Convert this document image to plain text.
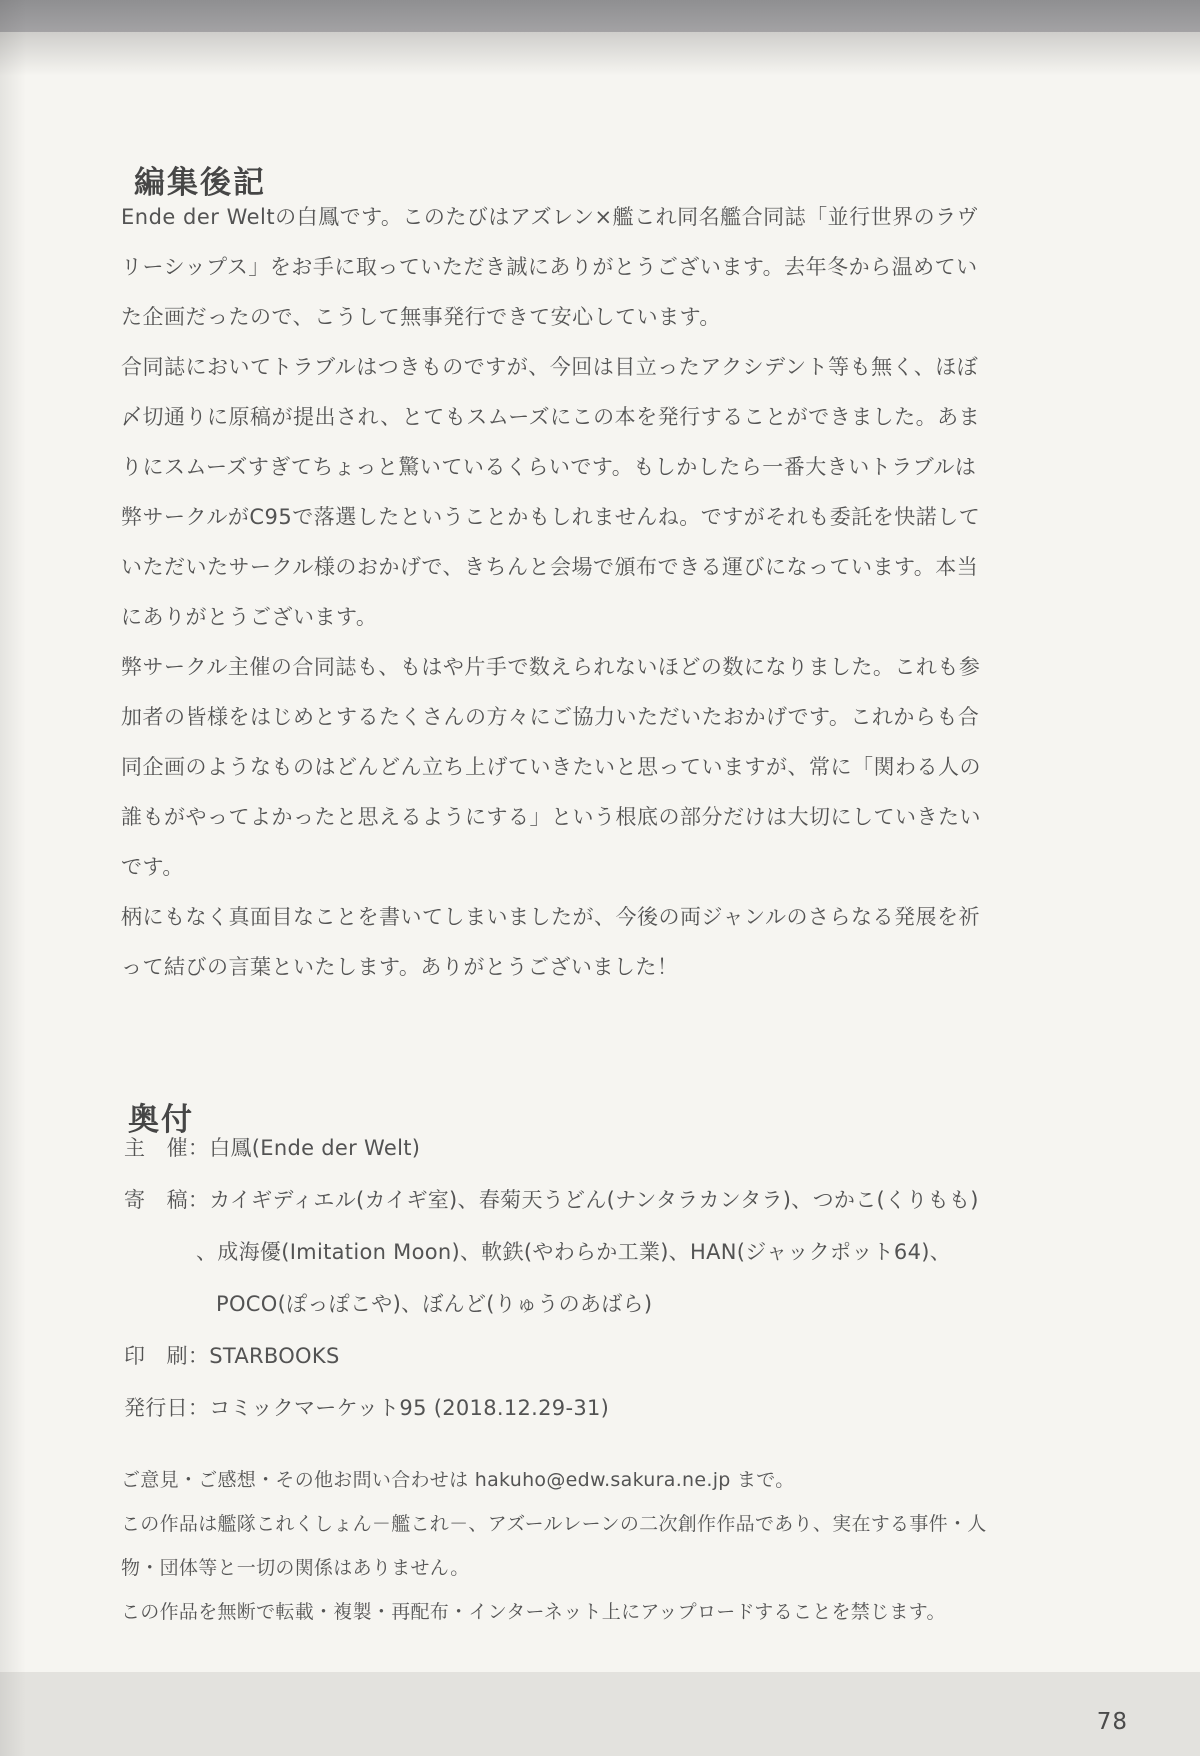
編集後記
Ende der Weltの白鳳です。このたびはアズレン×艦これ同名艦合同誌「並行世界のラヴ
リーシップス」をお手に取っていただき誠にありがとうございます。去年冬から温めてい
た企画だったので、こうして無事発行できて安心しています。
合同誌においてトラブルはつきものですが、今回は目立ったアクシデント等も無く、ほぼ
〆切通りに原稿が提出され、とてもスムーズにこの本を発行することができました。あま
りにスムーズすぎてちょっと驚いているくらいです。もしかしたら一番大きいトラブルは
弊サークルがC95で落選したということかもしれませんね。ですがそれも委託を快諾して
いただいたサークル様のおかげで、きちんと会場で頒布できる運びになっています。本当
にありがとうございます。
弊サークル主催の合同誌も、もはや片手で数えられないほどの数になりました。これも参
加者の皆様をはじめとするたくさんの方々にご協力いただいたおかげです。これからも合
同企画のようなものはどんどん立ち上げていきたいと思っていますが、常に「関わる人の
誰もがやってよかったと思えるようにする」という根底の部分だけは大切にしていきたい
です。
柄にもなく真面目なことを書いてしまいましたが、今後の両ジャンルのさらなる発展を祈
って結びの言葉といたします。ありがとうございました！
奥付
主　催：白鳳(Ende der Welt)
寄　稿：カイギディエル(カイギ室)、春菊天うどん(ナンタラカンタラ)、つかこ(くりもも)
、成海優(Imitation Moon)、軟鉄(やわらか工業)、HAN(ジャックポット64)、
POCO(ぽっぽこや)、ぼんど(りゅうのあばら)
印　刷：STARBOOKS
発行日：コミックマーケット95 (2018.12.29-31)
ご意見・ご感想・その他お問い合わせは hakuho@edw.sakura.ne.jp まで。
この作品は艦隊これくしょん－艦これ－、アズールレーンの二次創作作品であり、実在する事件・人
物・団体等と一切の関係はありません。
この作品を無断で転載・複製・再配布・インターネット上にアップロードすることを禁じます。
78
